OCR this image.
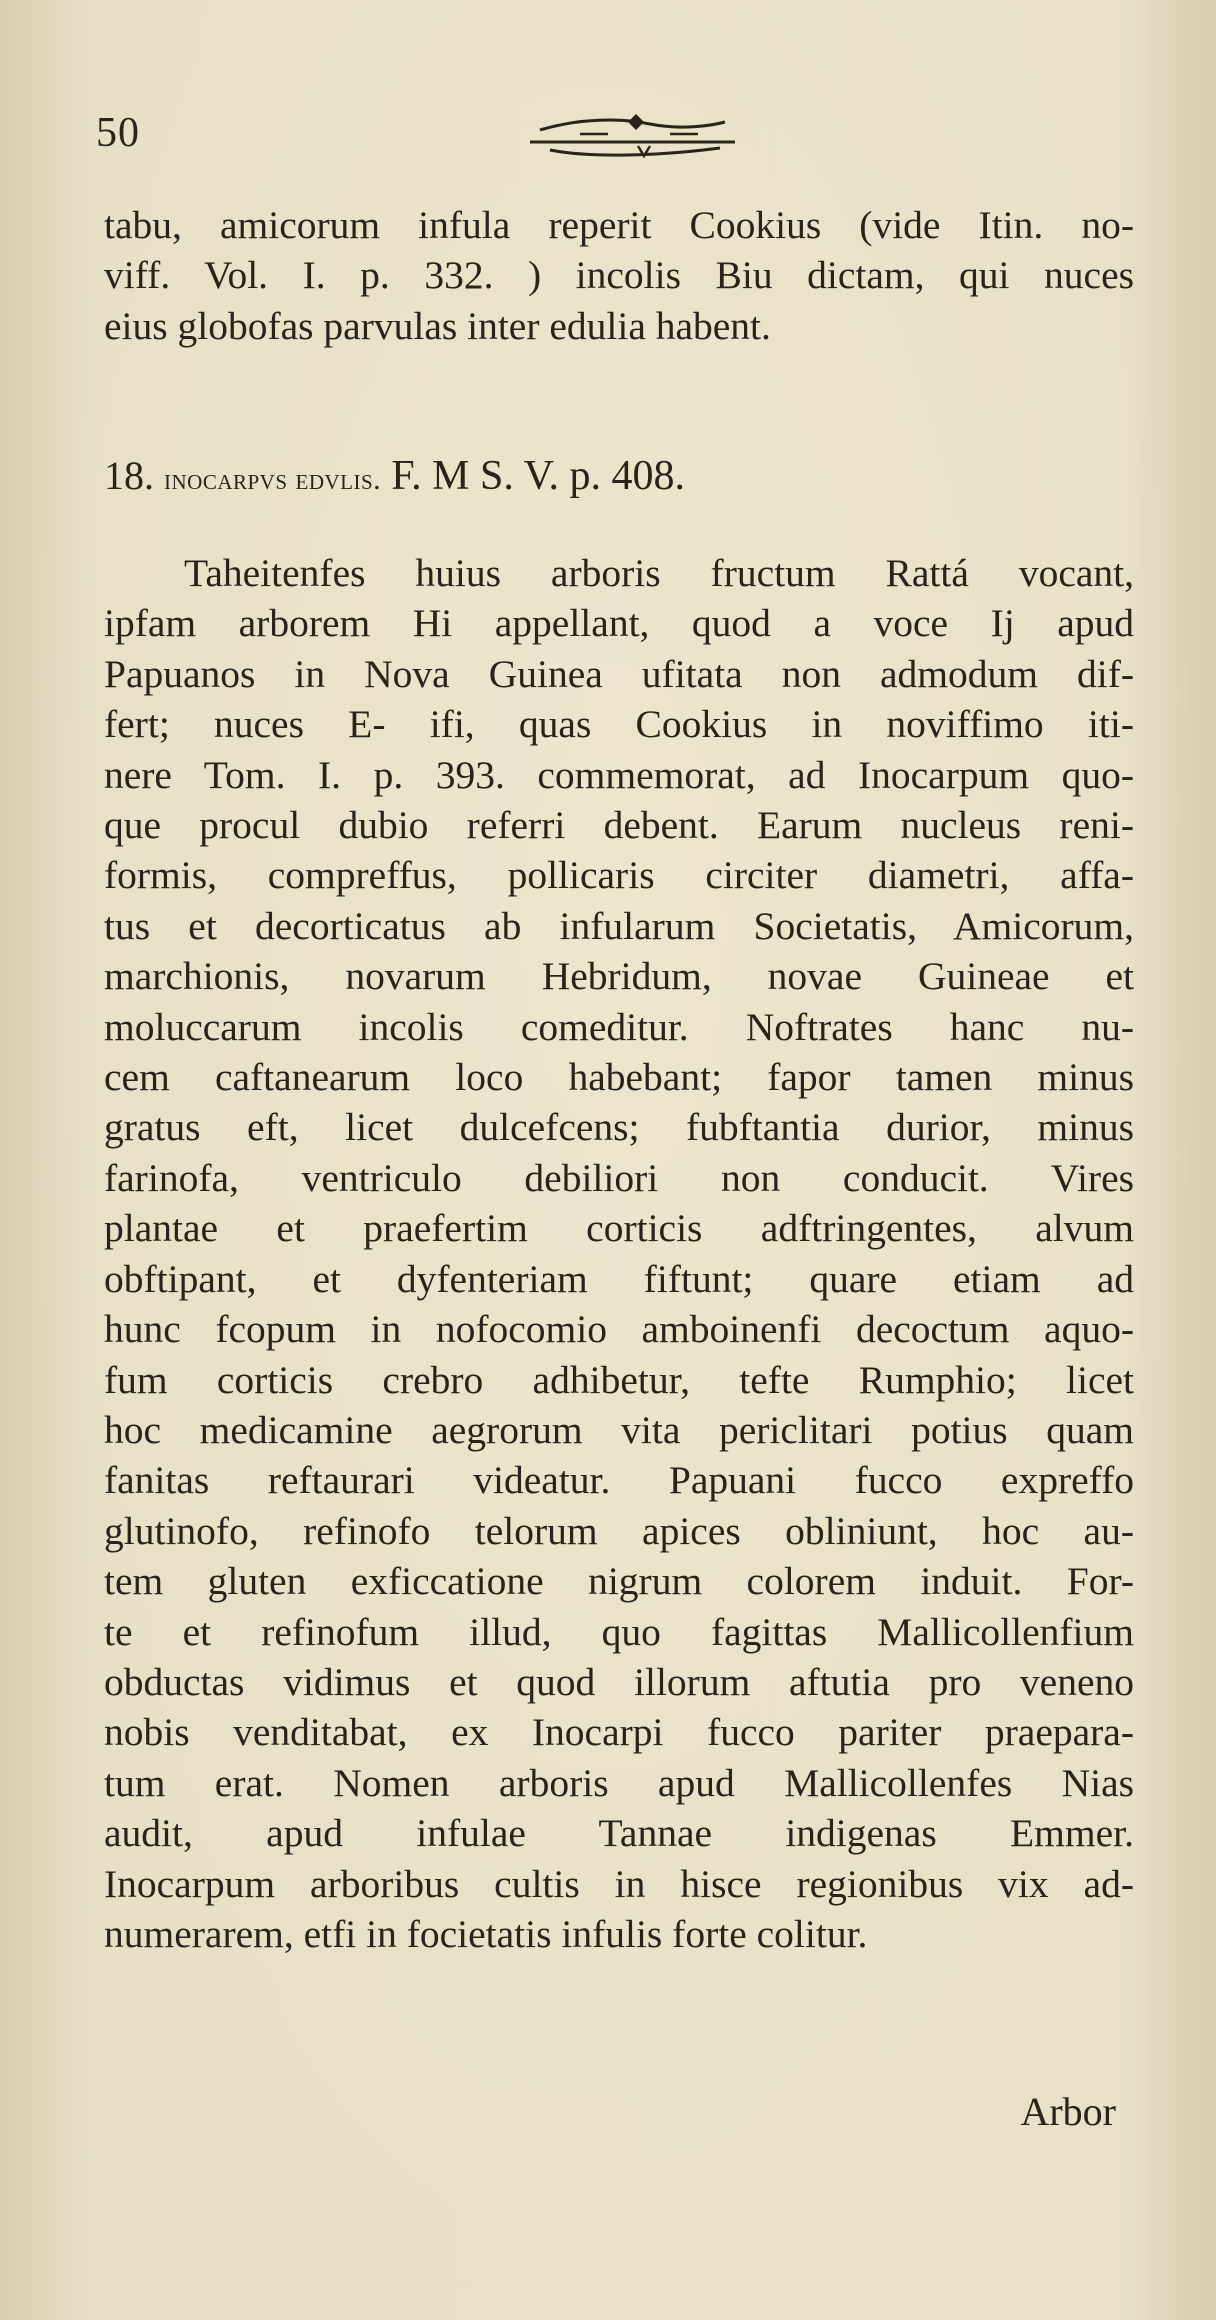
50
tabu, amicorum infula reperit Cookius (vide Itin. no-
viff. Vol. I. p. 332. ) incolis Biu dictam, qui nuces
eius globofas parvulas inter edulia habent.
18. inocarpvs edvlis. F. M S. V. p. 408.
Taheitenfes huius arboris fructum Rattá vocant,
ipfam arborem Hi appellant, quod a voce Ij apud
Papuanos in Nova Guinea ufitata non admodum dif-
fert; nuces E- ifi, quas Cookius in noviffimo iti-
nere Tom. I. p. 393. commemorat, ad Inocarpum quo-
que procul dubio referri debent. Earum nucleus reni-
formis, compreffus, pollicaris circiter diametri, affa-
tus et decorticatus ab infularum Societatis, Amicorum,
marchionis, novarum Hebridum, novae Guineae et
moluccarum incolis comeditur. Noftrates hanc nu-
cem caftanearum loco habebant; fapor tamen minus
gratus eft, licet dulcefcens; fubftantia durior, minus
farinofa, ventriculo debiliori non conducit. Vires
plantae et praefertim corticis adftringentes, alvum
obftipant, et dyfenteriam fiftunt; quare etiam ad
hunc fcopum in nofocomio amboinenfi decoctum aquo-
fum corticis crebro adhibetur, tefte Rumphio; licet
hoc medicamine aegrorum vita periclitari potius quam
fanitas reftaurari videatur. Papuani fucco expreffo
glutinofo, refinofo telorum apices obliniunt, hoc au-
tem gluten exficcatione nigrum colorem induit. For-
te et refinofum illud, quo fagittas Mallicollenfium
obductas vidimus et quod illorum aftutia pro veneno
nobis venditabat, ex Inocarpi fucco pariter praepara-
tum erat. Nomen arboris apud Mallicollenfes Nias
audit, apud infulae Tannae indigenas Emmer.
Inocarpum arboribus cultis in hisce regionibus vix ad-
numerarem, etfi in focietatis infulis forte colitur.
Arbor
